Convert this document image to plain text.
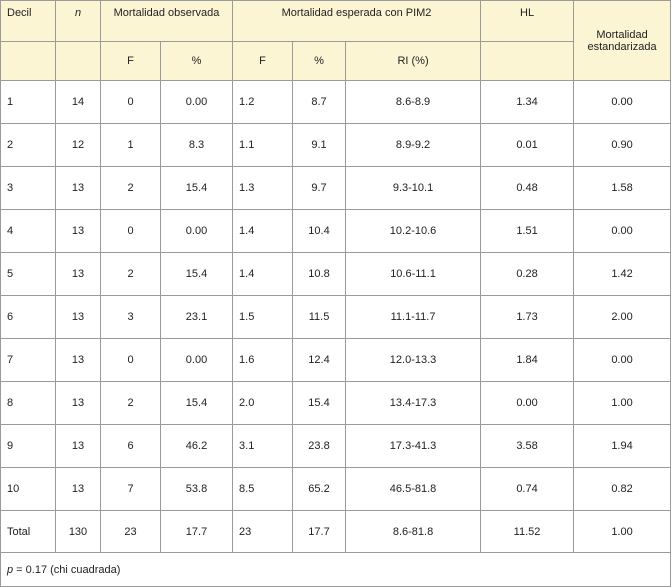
Decil	n	Mortalidad observada		Mortalidad esperada con PIM2			HL	Mortalidad estandarizada
		F	%	F	%	RI (%)		
1	14	0	0.00	1.2	8.7	8.6-8.9	1.34	0.00
2	12	1	8.3	1.1	9.1	8.9-9.2	0.01	0.90
3	13	2	15.4	1.3	9.7	9.3-10.1	0.48	1.58
4	13	0	0.00	1.4	10.4	10.2-10.6	1.51	0.00
5	13	2	15.4	1.4	10.8	10.6-11.1	0.28	1.42
6	13	3	23.1	1.5	11.5	11.1-11.7	1.73	2.00
7	13	0	0.00	1.6	12.4	12.0-13.3	1.84	0.00
8	13	2	15.4	2.0	15.4	13.4-17.3	0.00	1.00
9	13	6	46.2	3.1	23.8	17.3-41.3	3.58	1.94
10	13	7	53.8	8.5	65.2	46.5-81.8	0.74	0.82
Total	130	23	17.7	23	17.7	8.6-81.8	11.52	1.00
p = 0.17 (chi cuadrada)								
